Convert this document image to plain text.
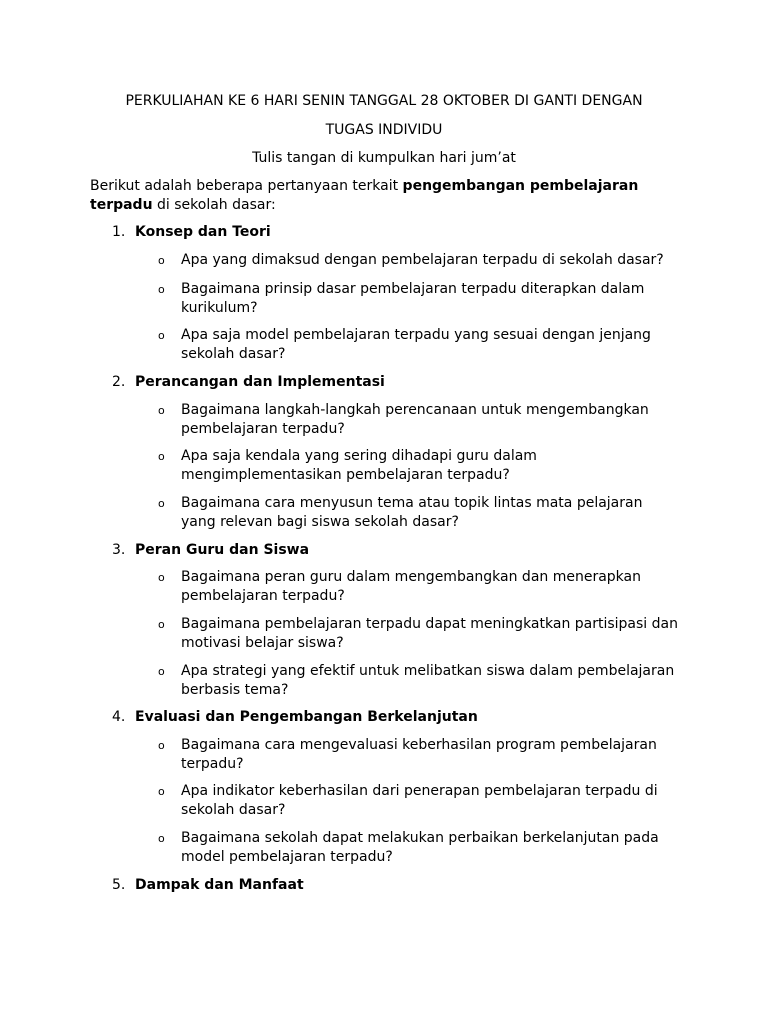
PERKULIAHAN KE 6 HARI SENIN TANGGAL 28 OKTOBER DI GANTI DENGAN
TUGAS INDIVIDU
Tulis tangan di kumpulkan hari jum’at
Berikut adalah beberapa pertanyaan terkait pengembangan pembelajaran terpadu di sekolah dasar:
1. Konsep dan Teori
o Apa yang dimaksud dengan pembelajaran terpadu di sekolah dasar?
o Bagaimana prinsip dasar pembelajaran terpadu diterapkan dalam kurikulum?
o Apa saja model pembelajaran terpadu yang sesuai dengan jenjang sekolah dasar?
2. Perancangan dan Implementasi
o Bagaimana langkah-langkah perencanaan untuk mengembangkan pembelajaran terpadu?
o Apa saja kendala yang sering dihadapi guru dalam mengimplementasikan pembelajaran terpadu?
o Bagaimana cara menyusun tema atau topik lintas mata pelajaran yang relevan bagi siswa sekolah dasar?
3. Peran Guru dan Siswa
o Bagaimana peran guru dalam mengembangkan dan menerapkan pembelajaran terpadu?
o Bagaimana pembelajaran terpadu dapat meningkatkan partisipasi dan motivasi belajar siswa?
o Apa strategi yang efektif untuk melibatkan siswa dalam pembelajaran berbasis tema?
4. Evaluasi dan Pengembangan Berkelanjutan
o Bagaimana cara mengevaluasi keberhasilan program pembelajaran terpadu?
o Apa indikator keberhasilan dari penerapan pembelajaran terpadu di sekolah dasar?
o Bagaimana sekolah dapat melakukan perbaikan berkelanjutan pada model pembelajaran terpadu?
5. Dampak dan Manfaat
